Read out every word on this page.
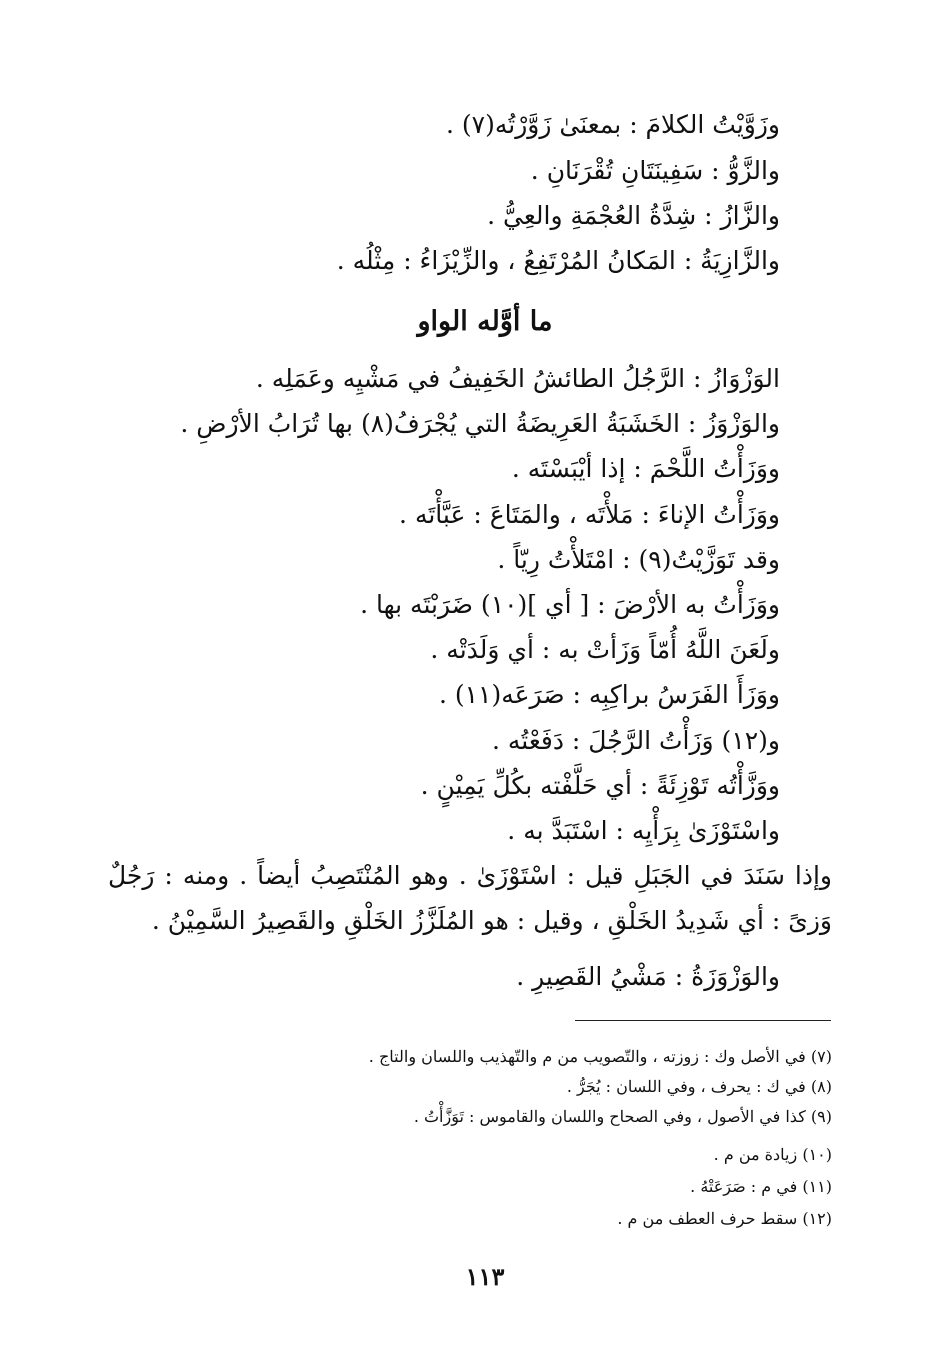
وزَوَّيْتُ الكلامَ : بمعنَىٰ زَوَّرْتُه(٧) .
والزَّوُّ : سَفِينَتَانِ تُقْرَنَانِ .
والزَّازُ : شِدَّةُ العُجْمَةِ والعِيُّ .
والزَّازِيَةُ : المَكانُ المُرْتَفِعُ ، والزِّيْزَاءُ : مِثْلُه .
ما أوَّله الواو
الوَزْوَازُ : الرَّجُلُ الطائشُ الخَفِيفُ في مَشْيِه وعَمَلِه .
والوَزْوَزُ : الخَشَبَةُ العَرِيضَةُ التي يُجْرَفُ(٨) بها تُرَابُ الأرْضِ .
ووَزَأْتُ اللَّحْمَ : إذا أيْبَسْتَه .
ووَزَأْتُ الإناءَ : مَلأْتَه ، والمَتَاعَ : عَبَّأْتَه .
وقد تَوَزَّيْتُ(٩) : امْتَلأْتُ رِيّاً .
ووَزَأْتُ به الأرْضَ : [ أي ](١٠) ضَرَبْتَه بها .
ولَعَنَ اللَّهُ أُمّاً وَزَأتْ به : أي وَلَدَتْه .
ووَزَأَ الفَرَسُ براكِبِه : صَرَعَه(١١) .
و(١٢) وَزَأْتُ الرَّجُلَ : دَفَعْتُه .
ووَزَّأْتُه تَوْزِئَةً : أي حَلَّفْته بكُلِّ يَمِيْنٍ .
واسْتَوْزَىٰ بِرَأْيِه : اسْتَبَدَّ به .
وإذا سَنَدَ في الجَبَلِ قيل : اسْتَوْزَىٰ . وهو المُنْتَصِبُ أيضاً . ومنه : رَجُلٌ
وَزىً : أي شَدِيدُ الخَلْقِ ، وقيل : هو المُلَزَّزُ الخَلْقِ والقَصِيرُ السَّمِيْنُ .
والوَزْوَزَةُ : مَشْيُ القَصِيرِ .
(٧) في الأصل وك : زوزته ، والتّصويب من م والتّهذيب واللسان والتاج .
(٨) في ك : يحرف ، وفي اللسان : يُجَرُّ .
(٩) كذا في الأصول ، وفي الصحاح واللسان والقاموس : تَوَزَّأْتُ .
(١٠) زيادة من م .
(١١) في م : صَرَعَتْهُ .
(١٢) سقط حرف العطف من م .
١١٣
